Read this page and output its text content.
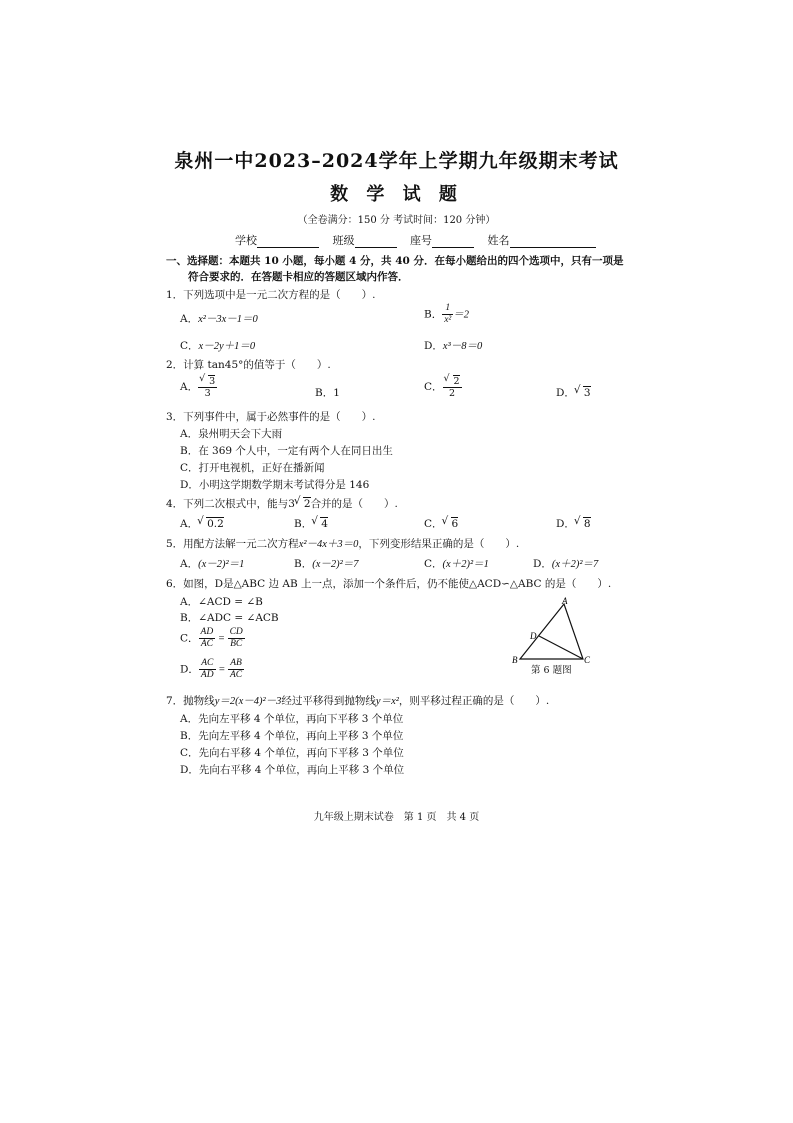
泉州一中2023–2024学年上学期九年级期末考试
数 学 试 题
（全卷满分：150 分 考试时间：120 分钟）
学校	班级	座号	姓名
一、选择题：本题共 10 小题，每小题 4 分，共 40 分．在每小题给出的四个选项中，只有一项是
符合要求的．在答题卡相应的答题区域内作答．
1．下列选项中是一元二次方程的是（　　）.
A．x²－3x－1＝0	B． $\frac{1}{\text{x²}} =2$
C．x－2y＋1＝0	D．x³－8＝0
2．计算 tan45°的值等于（　　）.
A． √ $\frac{3}{3}$	B．1	C． √ $\frac{2}{2}$	D． √ 3
3．下列事件中，属于必然事件的是（　　）.
A．泉州明天会下大雨
B．在 369 个人中，一定有两个人在同日出生
C．打开电视机，正好在播新闻
D．小明这学期数学期末考试得分是 146
4．下列二次根式中，能与3 √ 2合并的是（　　）.
A． √ 0.2	B． √ 4	C． √ 6	D． √ 8
5．用配方法解一元二次方程x²－4x＋3＝0，下列变形结果正确的是（　　）.
A．(x－2)²＝1	B．(x－2)²＝7	C．(x＋2)²＝1	D．(x＋2)²＝7
6．如图，D是△ABC 边 AB 上一点，添加一个条件后，仍不能使△ACD∽△ABC 的是（　　）.
A．∠ACD = ∠B
B．∠ADC = ∠ACB
C． $\frac{AD}{AC} = \frac{CD}{BC}$
D． $\frac{AC}{AD} = \frac{AB}{AC}$
A
D
B	C
第 6 题图
7．抛物线y＝2(x－4)²－3经过平移得到抛物线y＝x²，则平移过程正确的是（　　）.
A．先向左平移 4 个单位，再向下平移 3 个单位
B．先向左平移 4 个单位，再向上平移 3 个单位
C．先向右平移 4 个单位，再向下平移 3 个单位
D．先向右平移 4 个单位，再向上平移 3 个单位
九年级上期末试卷　第 1 页　共 4 页
